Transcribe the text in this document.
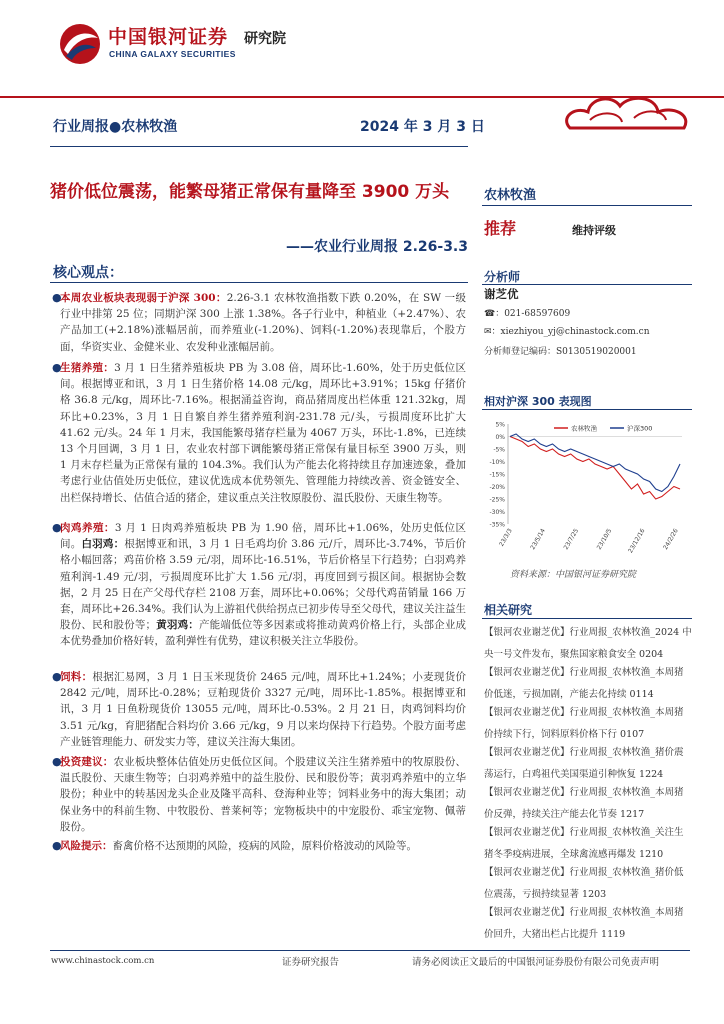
中国银河证券
CHINA GALAXY SECURITIES
研究院
行业周报●农林牧渔	2024 年 3 月 3 日
猪价低位震荡，能繁母猪正常保有量降至 3900 万头
——农业行业周报 2.26-3.3
核心观点：
●
本周农业板块表现弱于沪深 300：2.26-3.1 农林牧渔指数下跌 0.20%，在 SW 一级行业中排第 25 位；同期沪深 300 上涨 1.38%。各子行业中，种植业（+2.47%）、农产品加工(+2.18%)涨幅居前，而养殖业(-1.20%)、饲料(-1.20%)表现靠后，个股方面，华资实业、金健米业、农发种业涨幅居前。
●
生猪养殖：3 月 1 日生猪养殖板块 PB 为 3.08 倍，周环比-1.60%，处于历史低位区间。根据博亚和讯，3 月 1 日生猪价格 14.08 元/kg，周环比+3.91%；15kg 仔猪价格 36.8 元/kg，周环比-7.16%。根据涌益咨询，商品猪周度出栏体重 121.32kg，周环比+0.23%，3 月 1 日自繁自养生猪养殖利润-231.78 元/头，亏损周度环比扩大 41.62 元/头。24 年 1 月末，我国能繁母猪存栏量为 4067 万头，环比-1.8%，已连续 13 个月回调，3 月 1 日，农业农村部下调能繁母猪正常保有量目标至 3900 万头，则 1 月末存栏量为正常保有量的 104.3%。我们认为产能去化将持续且存加速迹象，叠加考虑行业估值处历史低位，建议优选成本优势领先、管理能力持续改善、资金链安全、出栏保持增长、估值合适的猪企，建议重点关注牧原股份、温氏股份、天康生物等。
●
肉鸡养殖：3 月 1 日肉鸡养殖板块 PB 为 1.90 倍，周环比+1.06%，处历史低位区间。白羽鸡：根据博亚和讯，3 月 1 日毛鸡均价 3.86 元/斤，周环比-3.74%，节后价格小幅回落；鸡苗价格 3.59 元/羽，周环比-16.51%，节后价格呈下行趋势；白羽鸡养殖利润-1.49 元/羽，亏损周度环比扩大 1.56 元/羽，再度回到亏损区间。根据协会数据，2 月 25 日在产父母代存栏 2108 万套，周环比+0.06%；父母代鸡苗销量 166 万套，周环比+26.34%。我们认为上游祖代供给拐点已初步传导至父母代，建议关注益生股份、民和股份等；黄羽鸡：产能端低位等多因素或将推动黄鸡价格上行，头部企业成本优势叠加价格好转，盈利弹性有优势，建议积极关注立华股份。
●
饲料：根据汇易网，3 月 1 日玉米现货价 2465 元/吨，周环比+1.24%；小麦现货价 2842 元/吨，周环比-0.28%；豆粕现货价 3327 元/吨，周环比-1.85%。根据博亚和讯，3 月 1 日鱼粉现货价 13055 元/吨，周环比-0.53%。2 月 21 日，肉鸡饲料均价 3.51 元/kg，育肥猪配合料均价 3.66 元/kg，9 月以来均保持下行趋势。个股方面考虑产业链管理能力、研发实力等，建议关注海大集团。
●
投资建议：农业板块整体估值处历史低位区间。个股建议关注生猪养殖中的牧原股份、温氏股份、天康生物等；白羽鸡养殖中的益生股份、民和股份等；黄羽鸡养殖中的立华股份；种业中的转基因龙头企业及隆平高科、登海种业等；饲料业务中的海大集团；动保业务中的科前生物、中牧股份、普莱柯等；宠物板块中的中宠股份、乖宝宠物、佩蒂股份。
●
风险提示：畜禽价格不达预期的风险，疫病的风险，原料价格波动的风险等。
农林牧渔
推荐	维持评级
分析师
谢芝优
☎：021-68597609
✉：xiezhiyou_yj@chinastock.com.cn
分析师登记编码：S0130519020001
相对沪深 300 表现图
5%
0%
-5%
-10%
-15%
-20%
-25%
-30%
-35%
23/3/3	23/5/14	23/7/25	23/10/5 23/12/16	24/2/26
农林牧渔	沪深300
资料来源：中国银河证券研究院
相关研究
【银河农业谢芝优】行业周报_农林牧渔_2024 中央一号文件发布，聚焦国家粮食安全 0204
【银河农业谢芝优】行业周报_农林牧渔_本周猪价低迷，亏损加剧，产能去化持续 0114
【银河农业谢芝优】行业周报_农林牧渔_本周猪价持续下行，饲料原料价格下行 0107
【银河农业谢芝优】行业周报_农林牧渔_猪价震荡运行，白鸡祖代美国渠道引种恢复 1224
【银河农业谢芝优】行业周报_农林牧渔_本周猪价反弹，持续关注产能去化节奏 1217
【银河农业谢芝优】行业周报_农林牧渔_关注生猪冬季疫病进展，全球禽流感再爆发 1210
【银河农业谢芝优】行业周报_农林牧渔_猪价低位震荡，亏损持续显著 1203
【银河农业谢芝优】行业周报_农林牧渔_本周猪价回升，大猪出栏占比提升 1119
www.chinastock.com.cn	证券研究报告	请务必阅读正文最后的中国银河证券股份有限公司免责声明
